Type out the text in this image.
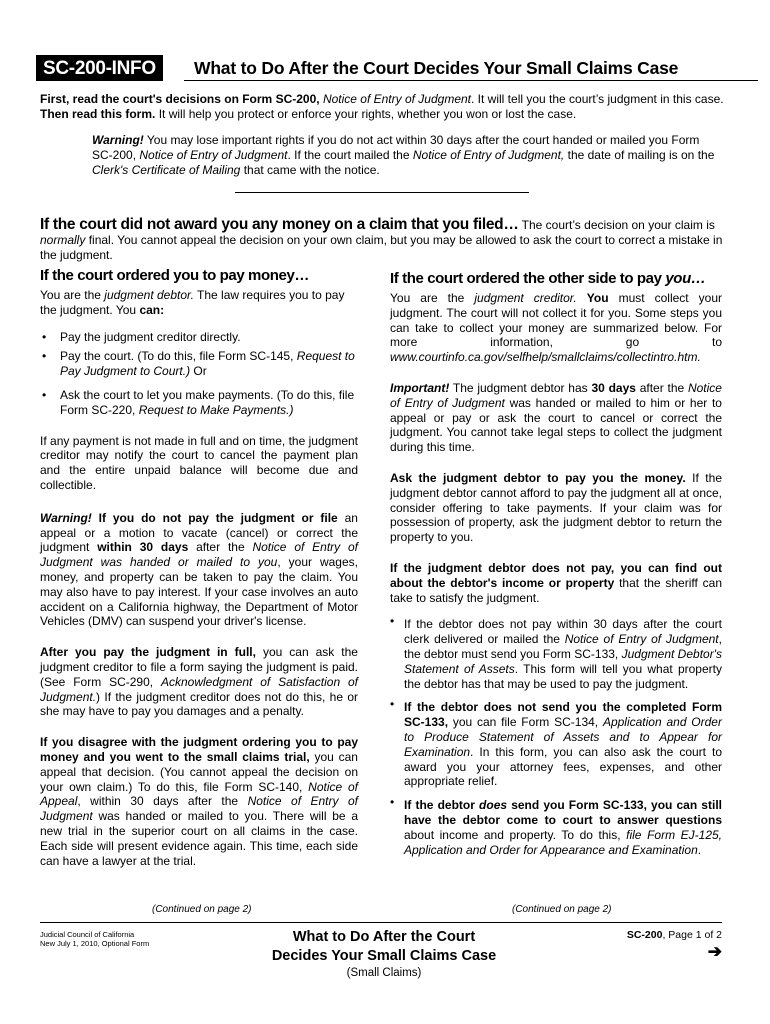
SC-200-INFO	What to Do After the Court Decides Your Small Claims Case
First, read the court's decisions on Form SC-200, Notice of Entry of Judgment. It will tell you the court’s judgment in this case. Then read this form. It will help you protect or enforce your rights, whether you won or lost the case.
Warning! You may lose important rights if you do not act within 30 days after the court handed or mailed you Form SC-200, Notice of Entry of Judgment. If the court mailed the Notice of Entry of Judgment, the date of mailing is on the Clerk's Certificate of Mailing that came with the notice.
If the court did not award you any money on a claim that you filed… The court’s decision on your claim is normally final. You cannot appeal the decision on your own claim, but you may be allowed to ask the court to correct a mistake in the judgment.
If the court ordered you to pay money…

You are the judgment debtor. The law requires you to pay the judgment. You can:

• Pay the judgment creditor directly.
• Pay the court. (To do this, file Form SC-145, Request to Pay Judgment to Court.) Or
• Ask the court to let you make payments. (To do this, file Form SC-220, Request to Make Payments.)

If any payment is not made in full and on time, the judgment creditor may notify the court to cancel the payment plan and the entire unpaid balance will become due and collectible.

Warning! If you do not pay the judgment or file an appeal or a motion to vacate (cancel) or correct the judgment within 30 days after the Notice of Entry of Judgment was handed or mailed to you, your wages, money, and property can be taken to pay the claim. You may also have to pay interest. If your case involves an auto accident on a California highway, the Department of Motor Vehicles (DMV) can suspend your driver's license.

After you pay the judgment in full, you can ask the judgment creditor to file a form saying the judgment is paid. (See Form SC-290, Acknowledgment of Satisfaction of Judgment.) If the judgment creditor does not do this, he or she may have to pay you damages and a penalty.

If you disagree with the judgment ordering you to pay money and you went to the small claims trial, you can appeal that decision. (You cannot appeal the decision on your own claim.) To do this, file Form SC-140, Notice of Appeal, within 30 days after the Notice of Entry of Judgment was handed or mailed to you. There will be a new trial in the superior court on all claims in the case. Each side will present evidence again. This time, each side can have a lawyer at the trial.

If the court ordered the other side to pay you…

You are the judgment creditor. You must collect your judgment. The court will not collect it for you. Some steps you can take to collect your money are summarized below. For more information, go to www.courtinfo.ca.gov/selfhelp/smallclaims/collectintro.htm.

Important! The judgment debtor has 30 days after the Notice of Entry of Judgment was handed or mailed to him or her to appeal or pay or ask the court to cancel or correct the judgment. You cannot take legal steps to collect the judgment during this time.

Ask the judgment debtor to pay you the money. If the judgment debtor cannot afford to pay the judgment all at once, consider offering to take payments. If your claim was for possession of property, ask the judgment debtor to return the property to you.

If the judgment debtor does not pay, you can find out about the debtor's income or property that the sheriff can take to satisfy the judgment.

• If the debtor does not pay within 30 days after the court clerk delivered or mailed the Notice of Entry of Judgment, the debtor must send you Form SC-133, Judgment Debtor's Statement of Assets. This form will tell you what property the debtor has that may be used to pay the judgment.
• If the debtor does not send you the completed Form SC-133, you can file Form SC-134, Application and Order to Produce Statement of Assets and to Appear for Examination. In this form, you can also ask the court to award you your attorney fees, expenses, and other appropriate relief.
• If the debtor does send you Form SC-133, you can still have the debtor come to court to answer questions about income and property. To do this, file Form EJ-125, Application and Order for Appearance and Examination.
(Continued on page 2)	(Continued on page 2)
Judicial Council of California
New July 1, 2010, Optional Form	What to Do After the Court
Decides Your Small Claims Case
(Small Claims)
SC-200, Page 1 of 2
➔
